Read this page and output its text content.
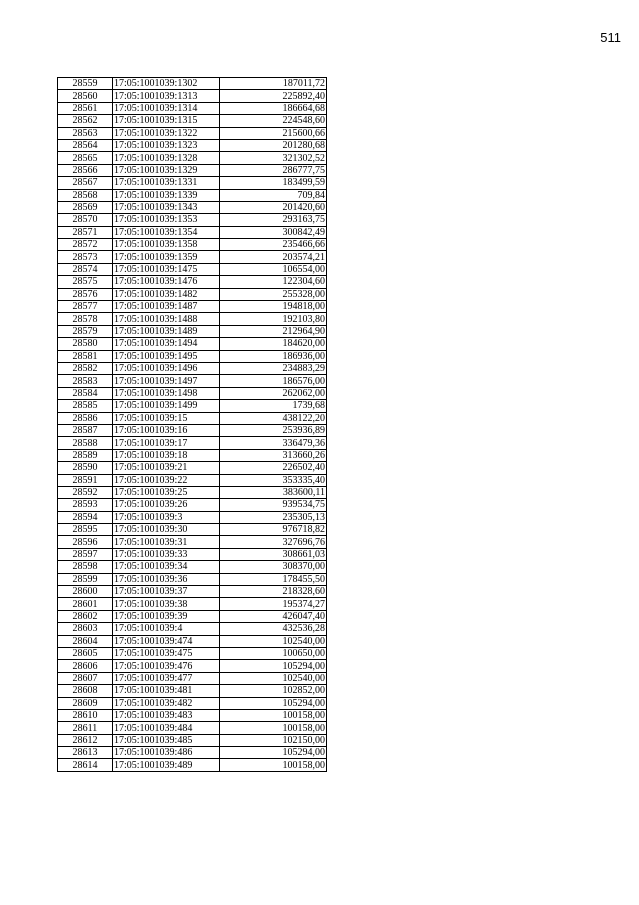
511
28559	17:05:1001039:1302	187011,72
28560	17:05:1001039:1313	225892,40
28561	17:05:1001039:1314	186664,68
28562	17:05:1001039:1315	224548,60
28563	17:05:1001039:1322	215600,66
28564	17:05:1001039:1323	201280,68
28565	17:05:1001039:1328	321302,52
28566	17:05:1001039:1329	286777,75
28567	17:05:1001039:1331	183499,59
28568	17:05:1001039:1339	709,84
28569	17:05:1001039:1343	201420,60
28570	17:05:1001039:1353	293163,75
28571	17:05:1001039:1354	300842,49
28572	17:05:1001039:1358	235466,66
28573	17:05:1001039:1359	203574,21
28574	17:05:1001039:1475	106554,00
28575	17:05:1001039:1476	122304,60
28576	17:05:1001039:1482	255328,00
28577	17:05:1001039:1487	194818,00
28578	17:05:1001039:1488	192103,80
28579	17:05:1001039:1489	212964,90
28580	17:05:1001039:1494	184620,00
28581	17:05:1001039:1495	186936,00
28582	17:05:1001039:1496	234883,29
28583	17:05:1001039:1497	186576,00
28584	17:05:1001039:1498	262062,00
28585	17:05:1001039:1499	1739,68
28586	17:05:1001039:15	438122,20
28587	17:05:1001039:16	253936,89
28588	17:05:1001039:17	336479,36
28589	17:05:1001039:18	313660,26
28590	17:05:1001039:21	226502,40
28591	17:05:1001039:22	353335,40
28592	17:05:1001039:25	383600,11
28593	17:05:1001039:26	939534,75
28594	17:05:1001039:3	235305,13
28595	17:05:1001039:30	976718,82
28596	17:05:1001039:31	327696,76
28597	17:05:1001039:33	308661,03
28598	17:05:1001039:34	308370,00
28599	17:05:1001039:36	178455,50
28600	17:05:1001039:37	218328,60
28601	17:05:1001039:38	195374,27
28602	17:05:1001039:39	426047,40
28603	17:05:1001039:4	432536,28
28604	17:05:1001039:474	102540,00
28605	17:05:1001039:475	100650,00
28606	17:05:1001039:476	105294,00
28607	17:05:1001039:477	102540,00
28608	17:05:1001039:481	102852,00
28609	17:05:1001039:482	105294,00
28610	17:05:1001039:483	100158,00
28611	17:05:1001039:484	100158,00
28612	17:05:1001039:485	102150,00
28613	17:05:1001039:486	105294,00
28614	17:05:1001039:489	100158,00
